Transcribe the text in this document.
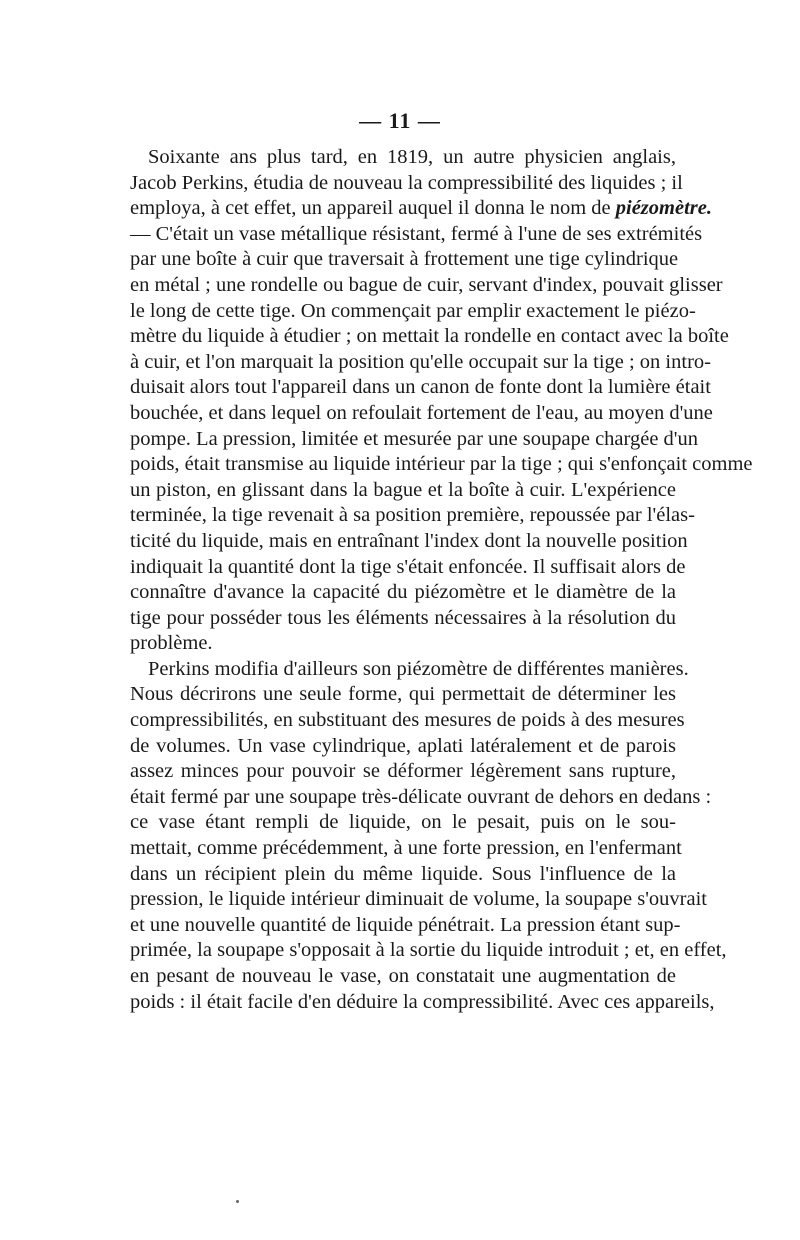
— 11 —
Soixante ans plus tard, en 1819, un autre physicien anglais,
Jacob Perkins, étudia de nouveau la compressibilité des liquides ; il
employa, à cet effet, un appareil auquel il donna le nom de piézomètre.
— C'était un vase métallique résistant, fermé à l'une de ses extrémités
par une boîte à cuir que traversait à frottement une tige cylindrique
en métal ; une rondelle ou bague de cuir, servant d'index, pouvait glisser
le long de cette tige. On commençait par emplir exactement le piézo-
mètre du liquide à étudier ; on mettait la rondelle en contact avec la boîte
à cuir, et l'on marquait la position qu'elle occupait sur la tige ; on intro-
duisait alors tout l'appareil dans un canon de fonte dont la lumière était
bouchée, et dans lequel on refoulait fortement de l'eau, au moyen d'une
pompe. La pression, limitée et mesurée par une soupape chargée d'un
poids, était transmise au liquide intérieur par la tige ; qui s'enfonçait comme
un piston, en glissant dans la bague et la boîte à cuir. L'expérience
terminée, la tige revenait à sa position première, repoussée par l'élas-
ticité du liquide, mais en entraînant l'index dont la nouvelle position
indiquait la quantité dont la tige s'était enfoncée. Il suffisait alors de
connaître d'avance la capacité du piézomètre et le diamètre de la
tige pour posséder tous les éléments nécessaires à la résolution du
problème.
Perkins modifia d'ailleurs son piézomètre de différentes manières.
Nous décrirons une seule forme, qui permettait de déterminer les
compressibilités, en substituant des mesures de poids à des mesures
de volumes. Un vase cylindrique, aplati latéralement et de parois
assez minces pour pouvoir se déformer légèrement sans rupture,
était fermé par une soupape très-délicate ouvrant de dehors en dedans :
ce vase étant rempli de liquide, on le pesait, puis on le sou-
mettait, comme précédemment, à une forte pression, en l'enfermant
dans un récipient plein du même liquide. Sous l'influence de la
pression, le liquide intérieur diminuait de volume, la soupape s'ouvrait
et une nouvelle quantité de liquide pénétrait. La pression étant sup-
primée, la soupape s'opposait à la sortie du liquide introduit ; et, en effet,
en pesant de nouveau le vase, on constatait une augmentation de
poids : il était facile d'en déduire la compressibilité. Avec ces appareils,
